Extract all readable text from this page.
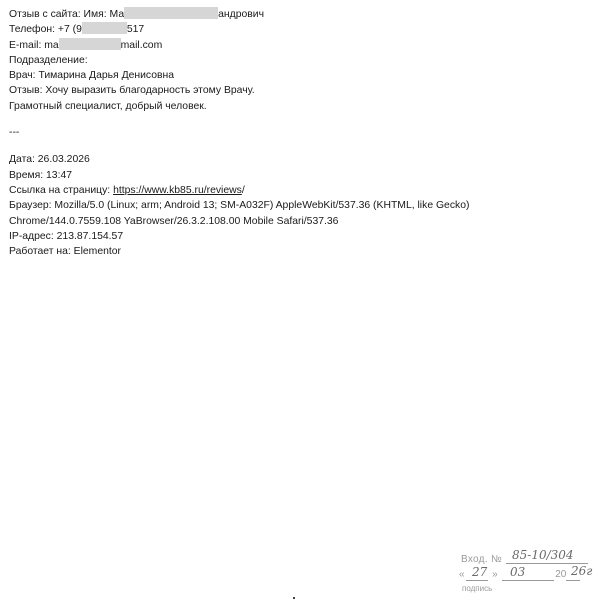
Отзыв с сайта: Имя: Ма	андрович
Телефон: +7 (9	517
E-mail: ma	mail.com
Подразделение:
Врач: Тимарина Дарья Денисовна
Отзыв: Хочу выразить благодарность этому Врачу.
Грамотный специалист, добрый человек.
---
Дата: 26.03.2026
Время: 13:47
Ссылка на страницу: https://www.kb85.ru/reviews/
Браузер: Mozilla/5.0 (Linux; arm; Android 13; SM-A032F) AppleWebKit/537.36 (KHTML, like Gecko)
Chrome/144.0.7559.108 YaBrowser/26.3.2.108.00 Mobile Safari/537.36
IP-адрес: 213.87.154.57
Работает на: Elementor
Вход. № 85-10/304
«	»	20
27 03	26г
подпись
